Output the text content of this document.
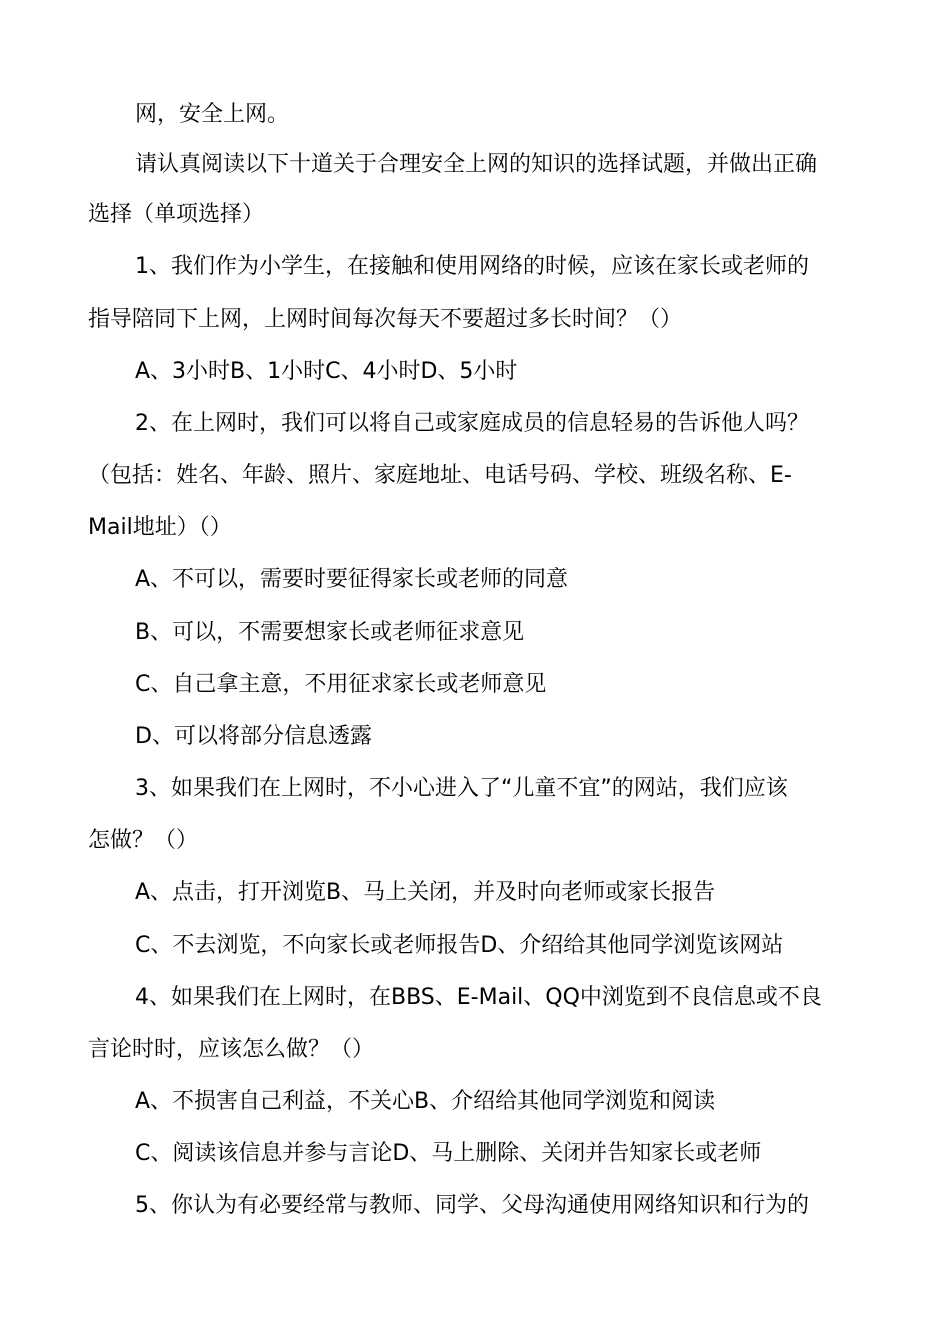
网，安全上网。
请认真阅读以下十道关于合理安全上网的知识的选择试题，并做出正确
选择（单项选择）
1、我们作为小学生，在接触和使用网络的时候，应该在家长或老师的
指导陪同下上网，上网时间每次每天不要超过多长时间？（）
A、3小时B、1小时C、4小时D、5小时
2、在上网时，我们可以将自己或家庭成员的信息轻易的告诉他人吗？
（包括：姓名、年龄、照片、家庭地址、电话号码、学校、班级名称、E-
Mail地址）（）
A、不可以，需要时要征得家长或老师的同意
B、可以，不需要想家长或老师征求意见
C、自己拿主意，不用征求家长或老师意见
D、可以将部分信息透露
3、如果我们在上网时，不小心进入了“儿童不宜”的网站，我们应该
怎做？（）
A、点击，打开浏览B、马上关闭，并及时向老师或家长报告
C、不去浏览，不向家长或老师报告D、介绍给其他同学浏览该网站
4、如果我们在上网时，在BBS、E-Mail、QQ中浏览到不良信息或不良
言论时时，应该怎么做？（）
A、不损害自己利益，不关心B、介绍给其他同学浏览和阅读
C、阅读该信息并参与言论D、马上删除、关闭并告知家长或老师
5、你认为有必要经常与教师、同学、父母沟通使用网络知识和行为的
